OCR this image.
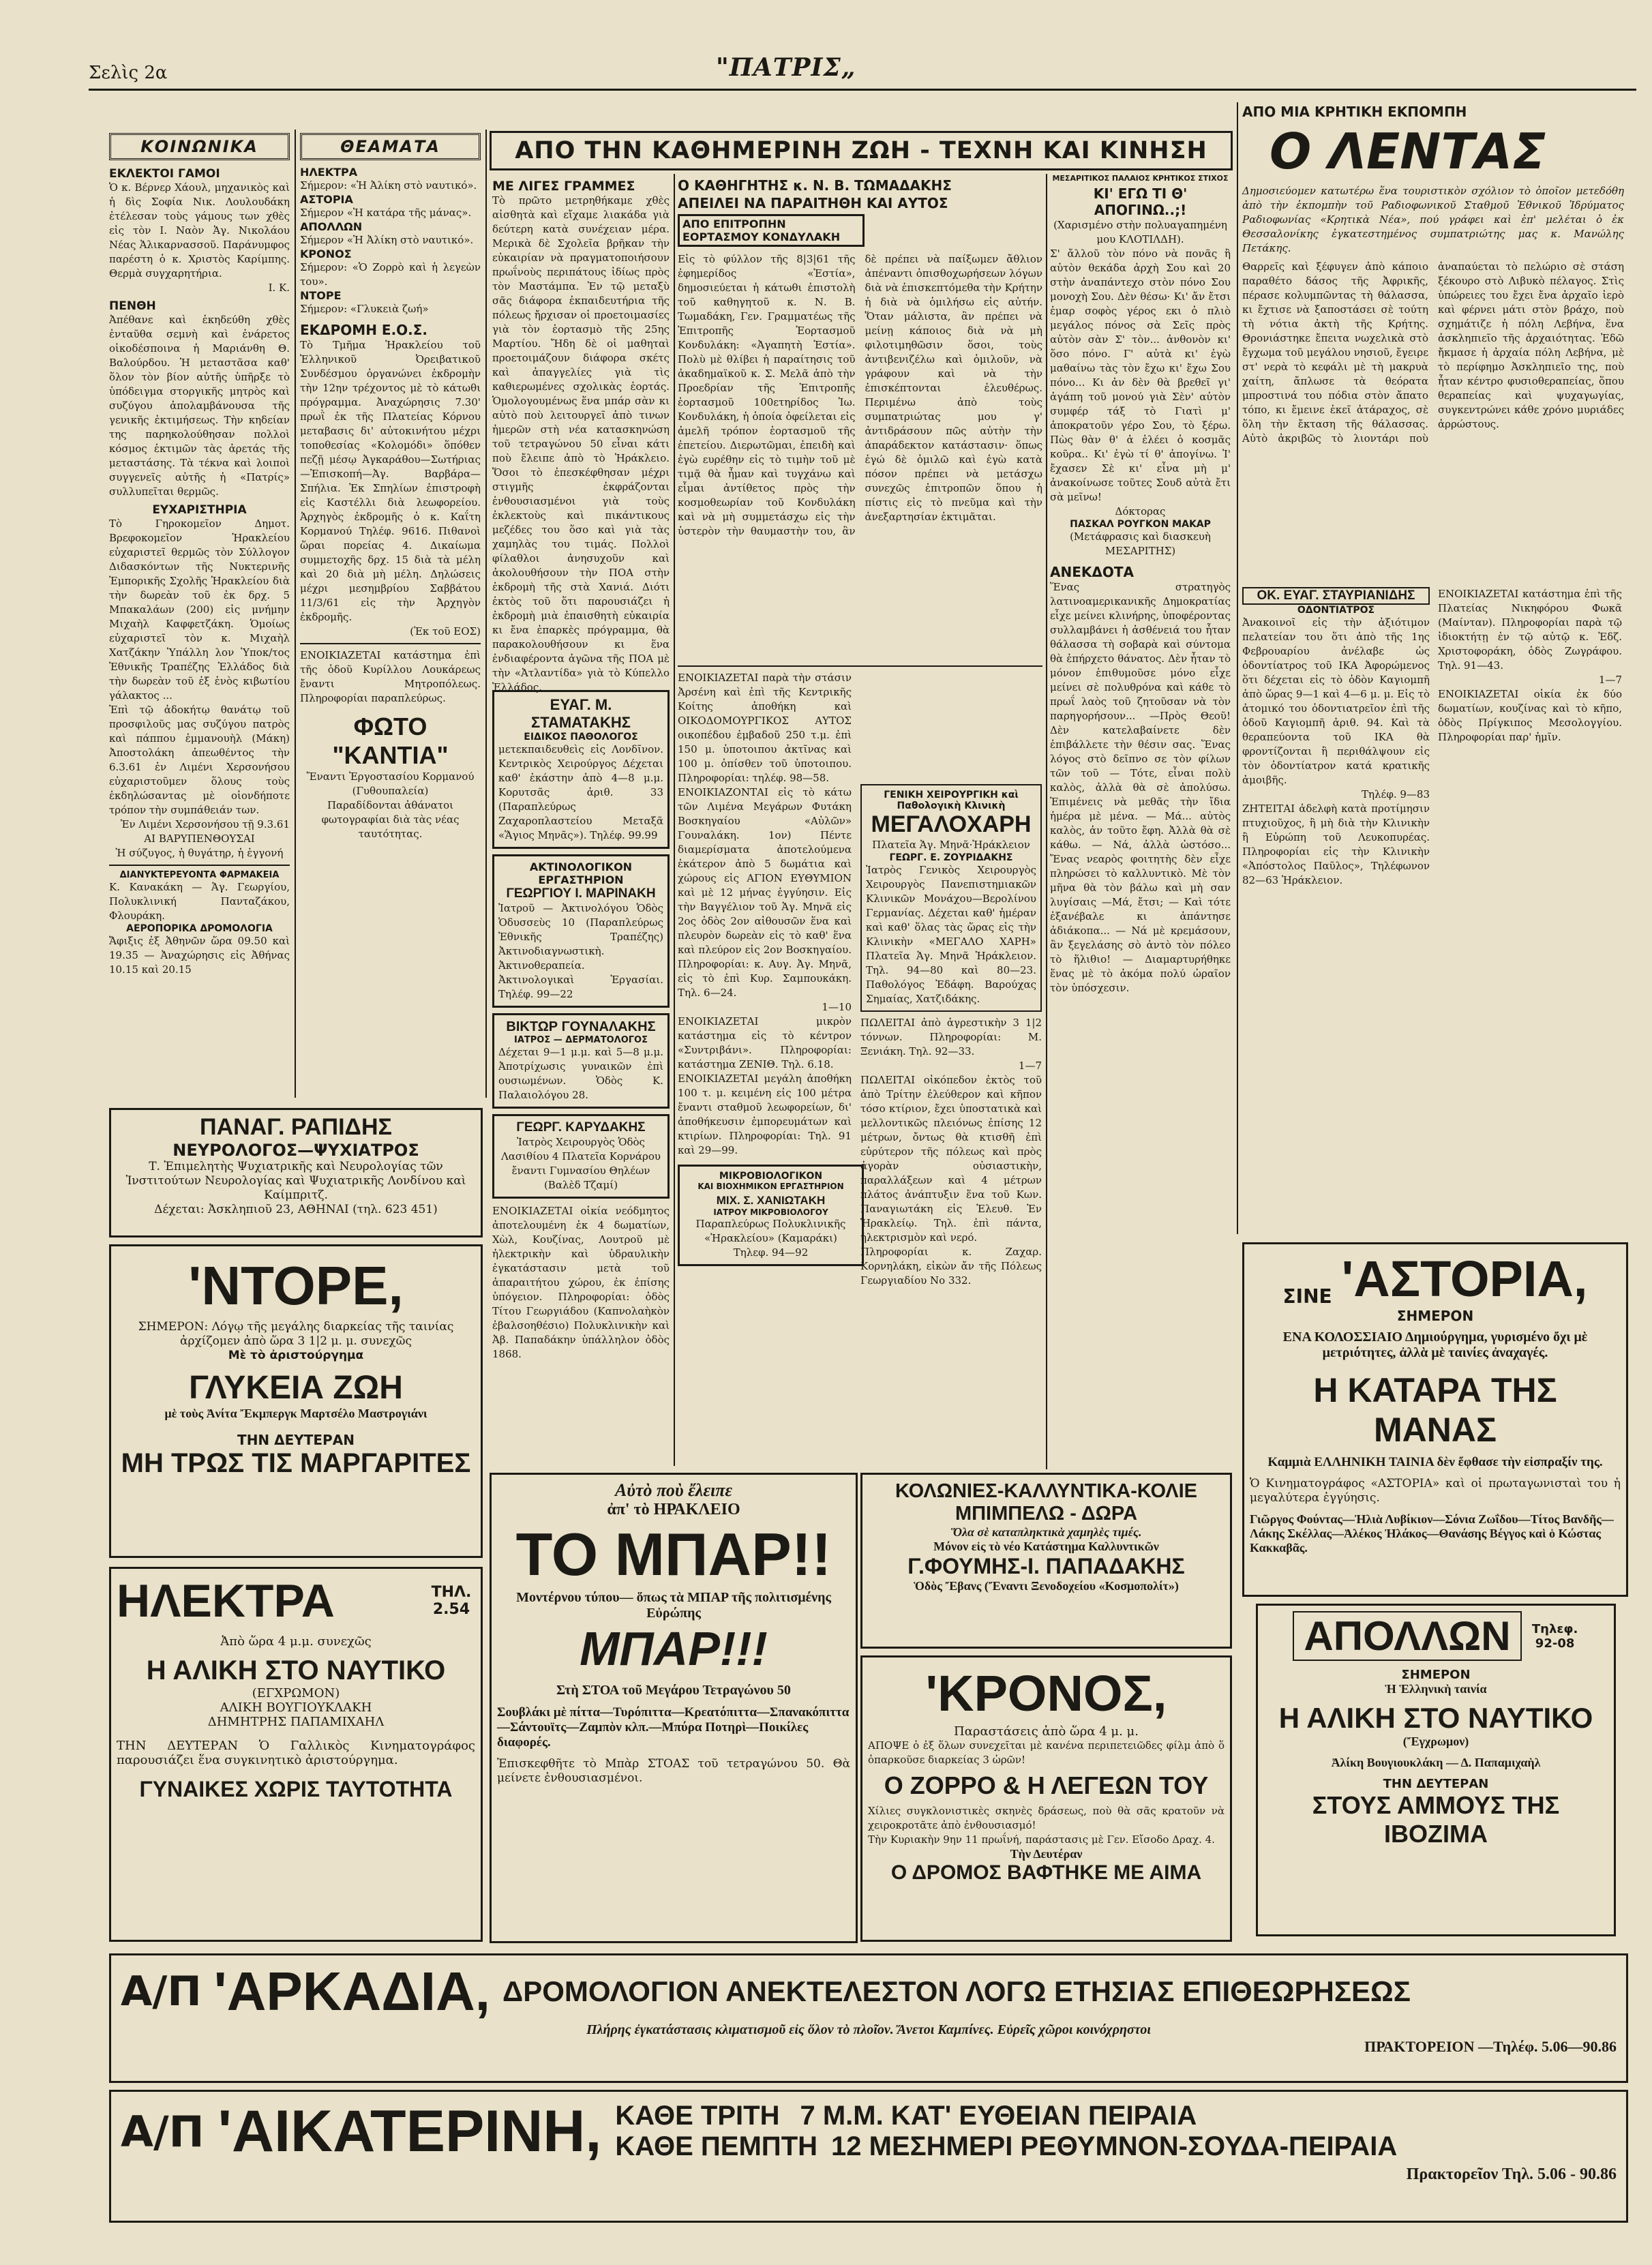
Σελὶς 2α	"ΠΑΤΡΙΣ„
ΚΟΙΝΩΝΙΚΑ
ΕΚΛΕΚΤΟΙ ΓΑΜΟΙ
Ὁ κ. Βέρνερ Χάουλ, μηχανικὸς καὶ ἡ δὶς Σοφία Νικ. Λουλουδάκη ἐτέλεσαν τοὺς γάμους των χθὲς εἰς τὸν Ι. Ναὸν Ἁγ. Νικολάου Νέας Ἁλικαρνασσοῦ. Παράνυμφος παρέστη ὁ κ. Χριστὸς Καρίμπης. Θερμὰ συγχαρητήρια.
Ι. Κ.
ΠΕΝΘΗ
Ἀπέθανε καὶ ἐκηδεύθη χθὲς ἐνταῦθα σεμνὴ καὶ ἐνάρετος οἰκοδέσποινα ἡ Μαριάνθη Θ. Βαλούρδου. Ἡ μεταστᾶσα καθ' ὅλον τὸν βίον αὐτῆς ὑπῆρξε τὸ ὑπόδειγμα στοργικῆς μητρὸς καὶ συζύγου ἀπολαμβάνουσα τῆς γενικῆς ἐκτιμήσεως. Τὴν κηδείαν της παρηκολούθησαν πολλοὶ κόσμος ἐκτιμῶν τὰς ἀρετάς τῆς μεταστάσης. Τὰ τέκνα καὶ λοιποὶ συγγενεῖς αὐτῆς ἡ «Πατρίς» συλλυπεῖται θερμῶς.
ΕΥΧΑΡΙΣΤΗΡΙΑ
Τὸ Γηροκομεῖον Δημοτ. Βρεφοκομεῖον Ἡρακλείου εὐχαριστεῖ θερμῶς τὸν Σύλλογον Διδασκόντων τῆς Νυκτερινῆς Ἐμπορικῆς Σχολῆς Ἡρακλείου διὰ τὴν δωρεὰν τοῦ ἐκ δρχ. 5 Μπακαλάων (200) εἰς μνήμην Μιχαὴλ Καφφετζάκη. Ὁμοίως εὐχαριστεῖ τὸν κ. Μιχαὴλ Χατζάκην Ὑπάλλη λον Ὑποκ/τος Ἐθνικῆς Τραπέζης Ἑλλάδος διὰ τὴν δωρεὰν τοῦ ἐξ ἑνὸς κιβωτίου γάλακτος ...
Ἐπὶ τῷ ἀδοκήτῳ θανάτῳ τοῦ προσφιλοῦς μας συζύγου πατρὸς καὶ πάππου ἐμμανουὴλ (Μάκη) Ἀποστολάκη ἀπεωθέντος τὴν 6.3.61 ἐν Λιμένι Χερσονήσου εὐχαριστοῦμεν ὅλους τοὺς ἐκδηλώσαντας μὲ οἱονδήποτε τρόπον τὴν συμπάθειάν των.
Ἐν Λιμένι Χερσονήσου τῇ 9.3.61
ΑΙ ΒΑΡΥΠΕΝΘΟΥΣΑΙ
Ἡ σύζυγος, ἡ θυγάτηρ, ἡ ἐγγονή
ΔΙΑΝΥΚΤΕΡΕΥΟΝΤΑ ΦΑΡΜΑΚΕΙΑ
Κ. Κανακάκη — Ἁγ. Γεωργίου, Πολυκλινική Πανταζάκου, Φλουράκη.
ΑΕΡΟΠΟΡΙΚΑ ΔΡΟΜΟΛΟΓΙΑ
Ἄφιξις ἐξ Ἀθηνῶν ὥρα 09.50 καὶ 19.35 — Ἀναχώρησις εἰς Ἀθήνας 10.15 καὶ 20.15
ΘΕΑΜΑΤΑ
ΗΛΕΚΤΡΑ
Σήμερον: «Ἡ Ἀλίκη στὸ ναυτικό».
ΑΣΤΟΡΙΑ
Σήμερον «Ἡ κατάρα τῆς μάνας».
ΑΠΟΛΛΩΝ
Σήμερον «Ἡ Ἀλίκη στὸ ναυτικό».
ΚΡΟΝΟΣ
Σήμερον: «Ὁ Ζορρὸ καὶ ἡ λεγεὼν του».
ΝΤΟΡΕ
Σήμερον: «Γλυκειὰ ζωή»
ΕΚΔΡΟΜΗ Ε.Ο.Σ.
Τὸ Τμῆμα Ἡρακλείου τοῦ Ἑλληνικοῦ Ὀρειβατικοῦ Συνδέσμου ὀργανώνει ἐκδρομὴν τὴν 12ην τρέχοντος μὲ τὸ κάτωθι πρόγραμμα. Ἀναχώρησις 7.30' πρωῒ ἐκ τῆς Πλατείας Κόρνου μεταβασις δι' αὐτοκινήτου μέχρι τοποθεσίας «Κολομόδι» ὅπόθεν πεζῇ μέσῳ Ἀγκαράθου—Σωτήριας—Ἐπισκοπή—Ἀγ. Βαρβάρα—Σπήλια. Ἐκ Σπηλίων ἐπιστροφὴ εἰς Καστέλλι διὰ λεωφορείου. Ἀρχηγὸς ἐκδρομῆς ὁ κ. Καΐτη Κορμανού Τηλέφ. 9616. Πιθανοὶ ὥραι πορείας 4. Δικαίωμα συμμετοχῆς δρχ. 15 διὰ τὰ μέλη καὶ 20 διὰ μὴ μέλη. Δηλώσεις μέχρι μεσημβρίου Σαββάτου 11/3/61 εἰς τὴν Ἀρχηγὸν ἐκδρομῆς.
(Ἐκ τοῦ ΕΟΣ)
ΕΝΟΙΚΙΑΖΕΤΑΙ κατάστημα ἐπὶ τῆς ὁδοῦ Κυρίλλου Λουκάρεως ἔναντι Μητροπόλεως. Πληροφορίαι παραπλεύρως.
ΦΩΤΟ "ΚΑΝΤΙΑ"
Ἔναντι Ἐργοστασίου Κορμανού (Γυθουπαλεία)
Παραδίδονται ἀθάνατοι φωτογραφίαι διὰ τὰς νέας ταυτότητας.
ΑΠΟ ΤΗΝ ΚΑΘΗΜΕΡΙΝΗ ΖΩΗ - ΤΕΧΝΗ ΚΑΙ ΚΙΝΗΣΗ
ΜΕ ΛΙΓΕΣ ΓΡΑΜΜΕΣ
Τὸ πρῶτο μετρηθήκαμε χθὲς αἰσθητὰ καὶ εἴχαμε λιακάδα γιὰ δεύτερη κατὰ συνέχειαν μέρα. Μερικὰ δὲ Σχολεῖα βρῆκαν τὴν εὐκαιρίαν νὰ πραγματοποιήσουν πρωΐνοὺς περιπάτους ἰδίως πρὸς τὸν Μαστάμπα. Ἐν τῷ μεταξὺ σᾶς διάφορα ἐκπαιδευτήρια τῆς πόλεως ἤρχισαν οἱ προετοιμασίες γιὰ τὸν ἑορτασμὸ τῆς 25ης Μαρτίου. Ἤδη δὲ οἱ μαθηταὶ προετοιμάζουν διάφορα σκέτς καὶ ἀπαγγελίες γιὰ τὶς καθιερωμένες σχολικὰς ἑορτάς. Ὁμολογουμένως ἕνα μπάρ σὰν κι αὐτὸ ποὺ λειτουργεῖ ἀπὸ τινων ἡμερῶν στὴ νέα κατασκηνώση τοῦ τετραγώνου 50 εἶναι κάτι ποὺ ἔλειπε ἀπὸ τὸ Ἡράκλειο. Ὅσοι τὸ ἐπεσκέφθησαν μέχρι στιγμῆς ἐκφράζονται ἐνθουσιασμένοι γιὰ τοὺς ἐκλεκτοὺς καὶ πικάντικους μεζέδες του ὅσο καὶ γιὰ τὰς χαμηλὰς του τιμάς. Πολλοὶ φίλαθλοι ἀνησυχοῦν καὶ ἀκολουθήσουν τὴν ΠΟΑ στὴν ἐκδρομὴ τῆς στὰ Χανιά. Διότι ἐκτὸς τοῦ ὅτι παρουσιάζει ἡ ἐκδρομὴ μιὰ ἐπαισθητὴ εὐκαιρία κι ἔνα ἐπαρκὲς πρόγραμμα, θὰ παρακολουθήσουν κι ἕνα ἐνδιαφέροντα ἀγῶνα τῆς ΠΟΑ μὲ τὴν «Ἀτλαντίδα» γιὰ τὸ Κύπελλο Ἑλλάδος.
ΕΥΑΓ. Μ. ΣΤΑΜΑΤΑΚΗΣ
ΕΙΔΙΚΟΣ ΠΑΘΟΛΟΓΟΣ
μετεκπαιδευθεὶς εἰς Λονδῖνον. Κεντρικὸς Χειρούργος Δέχεται καθ' ἑκάστην ἀπὸ 4—8 μ.μ. Κορυτσᾶς ἀριθ. 33 (Παραπλεύρως Ζαχαροπλαστείου Μεταξᾶ «Ἅγιος Μηνᾶς»). Τηλέφ. 99.99
ΑΚΤΙΝΟΛΟΓΙΚΟΝ ΕΡΓΑΣΤΗΡΙΟΝ
ΓΕΩΡΓΙΟΥ Ι. ΜΑΡΙΝΑΚΗ
Ἰατροῦ — Ἀκτινολόγου Ὁδὸς Ὁδυσσεὺς 10 (Παραπλεύρως Ἐθνικῆς Τραπέζης) Ἀκτινοδιαγνωστικὴ. Ἀκτινοθεραπεία. Ἀκτινολογικαὶ Ἐργασίαι. Τηλέφ. 99—22
ΒΙΚΤΩΡ ΓΟΥΝΑΛΑΚΗΣ
ΙΑΤΡΟΣ — ΔΕΡΜΑΤΟΛΟΓΟΣ
Δέχεται 9—1 μ.μ. καὶ 5—8 μ.μ. Ἀποτρίχωσις γυναικῶν ἐπὶ ουσιωμένων. Ὁδὸς Κ. Παλαιολόγου 28.
ΓΕΩΡΓ. ΚΑΡΥΔΑΚΗΣ
Ἰατρὸς Χειρουργὸς Ὁδὸς Λασιθίου 4 Πλατεῖα Κορνάρου ἔναντι Γυμνασίου Θηλέων (Βαλὲδ Τζαμί)
ΕΝΟΙΚΙΑΖΕΤΑΙ οἰκία νεόδμητος ἀποτελουμένη ἐκ 4 δωματίων, Χὼλ, Κουζίνας, Λουτροῦ μὲ ἠλεκτρικὴν καὶ ὑδραυλικὴν ἐγκατάστασιν μετὰ τοῦ ἀπαραιτήτου χώρου, ἐκ ἐπίσης ὑπόγειον. Πληροφορίαι: ὁδὸς Τίτου Γεωργιάδου (Καπνολαὴκὸν ἐβαλσοηθέσιο) Πολυκλινικὴν καὶ Ἀβ. Παπαδάκην ὑπάλληλον ὁδὸς 1868.
Ο ΚΑΘΗΓΗΤΗΣ κ. Ν. Β. ΤΩΜΑΔΑΚΗΣ
ΑΠΕΙΛΕΙ ΝΑ ΠΑΡΑΙΤΗΘΗ ΚΑΙ ΑΥΤΟΣ
ΑΠΟ ΕΠΙΤΡΟΠΗΝ ΕΟΡΤΑΣΜΟΥ ΚΟΝΔΥΛΑΚΗ
Εἰς τὸ φύλλον τῆς 8|3|61 τῆς ἐφημερίδος «Ἑστία», δημοσιεύεται ἡ κάτωθι ἐπιστολὴ τοῦ καθηγητοῦ κ. Ν. Β. Τωμαδάκη, Γεν. Γραμματέως τῆς Ἐπιτροπῆς Ἑορτασμοῦ Κονδυλάκη: «Ἀγαπητὴ Ἑστία». Πολὺ μὲ θλίβει ἡ παραίτησις τοῦ ἀκαδημαϊκοῦ κ. Σ. Μελᾶ ἀπὸ τὴν Προεδρίαν τῆς Ἐπιτροπῆς ἑορτασμοῦ 100ετηρίδος Ἰω. Κονδυλάκη, ἡ ὁποία ὀφείλεται εἰς ἀμελῆ τρόπον ἑορτασμοῦ τῆς ἐπετείου. Διερωτῶμαι, ἐπειδὴ καὶ ἐγὼ ευρέθην εἰς τὸ τιμὴν τοῦ μὲ τιμᾷ θὰ ἦμαν καὶ τυγχάνω καὶ εἶμαι ἀντίθετος πρὸς τὴν κοσμοθεωρίαν τοῦ Κονδυλάκη καὶ νὰ μὴ συμμετάσχω εἰς τὴν ὑστερὸν τὴν θαυμαστὴν του, ἂν δὲ πρέπει νὰ παίξωμεν ἄθλιον ἀπέναντι ὀπισθοχωρήσεων λόγων διὰ νὰ ἐπισκεπτόμεθα τὴν Κρήτην ἡ διὰ νὰ ὁμιλήσω εἰς αὐτήν. Ὅταν μάλιστα, ἂν πρέπει νὰ μείνῃ κάποιος διὰ νὰ μὴ φιλοτιμηθῶσιν ὅσοι, τοὺς ἀντιβενιζέλω καὶ ὁμιλοῦν, νὰ γράφουν καὶ νὰ τὴν ἐπισκέπτονται ἐλευθέρως. Περιμένω ἀπὸ τοὺς συμπατριώτας μου γ' ἀντιδράσουν πῶς αὐτὴν τὴν ἀπαράδεκτον κατάστασιν· ὅπως ἐγώ δὲ ὁμιλῶ καὶ ἐγὼ κατὰ πόσον πρέπει νὰ μετάσχω συνεχῶς ἐπιτροπῶν ὅπου ἡ πίστις εἰς τὸ πνεῦμα καὶ τὴν ἀνεξαρτησίαν ἐκτιμᾶται.
ΕΝΟΙΚΙΑΖΕΤΑΙ παρὰ τὴν στάσιν Ἀρσένη καὶ ἐπὶ τῆς Κεντρικῆς Κοίτης ἀποθήκη καὶ ΟΙΚΟΔΟΜΟΥΡΓΙΚΟΣ ΑΥΤΟΣ οικοπέδου ἐμβαδοῦ 250 τ.μ. ἐπὶ 150 μ. ὑποτοιπου ἀκτῖνας καὶ 100 μ. ὀπίσθεν τοῦ ὑποτοιπου. Πληροφορίαι: τηλέφ. 98—58.
ΕΝΟΙΚΙΑΖΟΝΤΑΙ εἰς τὸ κάτω τῶν Λιμένα Μεγάρων Φυτάκη Βοσκηγαίου «Αὐλῶν» Γουναλάκη. 1ον) Πέντε διαμερίσματα ἀποτελούμενα ἑκάτερον ἀπὸ 5 δωμάτια καὶ χώρους εἰς ΑΓΙΟΝ ΕΥΘΥΜΙΟΝ καὶ μὲ 12 μήνας ἐγγύησιν. Εἰς τὴν Βαγγέλιον τοῦ Ἁγ. Μηνᾶ εἰς 2ος ὁδὸς 2ον αἰθουσῶν ἕνα καὶ πλευρὸν δωρεὰν εἰς τὸ καθ' ἕνα καὶ πλεύρον εἰς 2ον Βοσκηγαίου. Πληροφορίαι: κ. Αυγ. Ἀγ. Μηνᾶ, εἰς τὸ ἐπὶ Κυρ. Σαμπουκάκη. Τηλ. 6—24.
1—10
ΕΝΟΙΚΙΑΖΕΤΑΙ μικρὸν κατάστημα εἰς τὸ κέντρον «Συντριβάνι». Πληροφορίαι: κατάστημα ΖΕΝΙΘ. Τηλ. 6.18.
ΕΝΟΙΚΙΑΖΕΤΑΙ μεγάλη ἀποθήκη 100 τ. μ. κειμένη εἰς 100 μέτρα ἔναντι σταθμοῦ λεωφορείων, δι' ἀποθήκευσιν ἐμπορευμάτων καὶ κτιρίων. Πληροφορίαι: Τηλ. 91 καὶ 29—99.
ΜΙΚΡΟΒΙΟΛΟΓΙΚΟΝ
ΚΑΙ ΒΙΟΧΗΜΙΚΟΝ ΕΡΓΑΣΤΗΡΙΟΝ
ΜΙΧ. Σ. ΧΑΝΙΩΤΑΚΗ
ΙΑΤΡΟΥ ΜΙΚΡΟΒΙΟΛΟΓΟΥ
Παραπλεύρως Πολυκλινικῆς «Ἡρακλείου» (Καμαράκι)
Τηλεφ. 94—92
ΜΕΣΑΡΙΤΙΚΟΣ ΠΑΛΑΙΟΣ ΚΡΗΤΙΚΟΣ ΣΤΙΧΟΣ
ΚΙ' ΕΓΩ ΤΙ Θ' ΑΠΟΓΙΝΩ..;!
(Χαρισμένο στὴν πολυαγαπημένη μου ΚΛΟΤΙΛΔΗ).
Σ' ἄλλοῦ τὸν πόνο νὰ πονᾶς ἢ αὐτὸν θεκάδα ἀρχὴ Σου καὶ 20 στὴν ἀναπάντεχο στὸν πόνο Σου μονοχὴ Σου. Δὲν θέσω· Κι' ἄν ἔτσι ἐμαρ σοφὸς γέρος εκι ὁ πλιὸ μεγάλος πόνος σὰ Σεῖς πρὸς αὐτὸν σὰν Σ' τὸν... ἀνθονὸν κι' ὅσο πόνο. Γ' αὐτὰ κι' ἐγὼ μαθαίνω τὰς τὸν ἔχω κι' ἔχω Σου πόνο... Κι ἀν δὲν θὰ βρεθεῖ γι' ἀγάπη τοῦ μονού γιὰ Σὲν' αὐτὸν συμφέρ τάξ τὸ Γιατὶ μ' ἀποκρατοῦν γέρο Σου, τὸ ξέρω. Πὼς θὰν θ' ἀ ἐλέει ὁ κοσμᾶς κοῦρα.. Κι' ἐγὼ τί θ' ἀπογίνω. Ἰ' ἔχασεν Σὲ κι' εἶνα μὴ μ' ἀνακοίνωσε τοῦτες Σουδ αὐτὰ ἔτι σὰ μεῖνω!
Δόκτορας
ΠΑΣΚΑΛ ΡΟΥΓΚΟΝ ΜΑΚΑΡ
(Μετάφρασις καὶ διασκευὴ ΜΕΣΑΡΙΤΗΣ)
ΑΝΕΚΔΟΤΑ
Ἕνας στρατηγὸς λατινοαμερικανικῆς Δημοκρατίας εἶχε μείνει κλινήρης, ὑποφέροντας συλλαμβάνει ἡ ἀσθένειά του ἦταν θάλασσα τὴ σοβαρὰ καὶ σύντομα θὰ ἐπήρχετο θάνατος. Δὲν ἦταν τὸ μόνον ἑπιθυμοῦσε μόνο εἶχε μείνει σὲ πολυθρόνα καὶ κάθε τὸ πρωΐ λαὸς τοῦ ζητοῦσαν νὰ τὸν παρηγορήσουν... —Πρὸς Θεοῦ! Δὲν κατελαβαίνετε δὲν ἐπιβάλλετε τὴν θέσιν σας. Ἕνας λόγος στὸ δεῖπνο σε τὸν φίλων τῶν τοῦ — Τότε, εἶναι πολὺ καλὸς, ἀλλὰ θὰ σὲ ἀπολύσω. Ἐπιμένεις νὰ μεθᾶς τὴν ἴδια ἡμέρα μὲ μένα. — Μά... αὐτὸς καλὸς, ἀν τοῦτο ἔφη. Ἀλλὰ θὰ σὲ κάθω. — Νά, ἀλλὰ ὡστόσο... Ἔνας νεαρὸς φοιτητὴς δὲν εἶχε πληρώσει τὸ καλλυντικὸ. Μὲ τὸν μῆνα θὰ τὸν βάλω καὶ μὴ σαν λυγίσαις —Μά, ἔτσι; — Καὶ τότε ἐξανέβαλε κι ἀπάντησε ἀδιάκοπα... — Νά μὲ κρεμάσουν, ἂν ξεγελάσης σὸ ἀντὸ τὸν πόλεο τὸ ἥλιθιο! — Διαμαρτυρήθηκε ἕνας μὲ τὸ ἀκόμα πολύ ὡραῖον τὸν ὑπόσχεσιν.
ΓΕΝΙΚΗ ΧΕΙΡΟΥΡΓΙΚΗ καὶ Παθολογικὴ Κλινικὴ
ΜΕΓΑΛΟΧΑΡΗ
Πλατεῖα Ἁγ. Μηνᾶ·Ἡράκλειον
ΓΕΩΡΓ. Ε. ΖΟΥΡΙΔΑΚΗΣ
Ἰατρὸς Γενικὸς Χειρουργὸς Χειρουργὸς Πανεπιστημιακῶν Κλινικῶν Μονάχου—Βερολίνου Γερμανίας. Δέχεται καθ' ἡμέραν καὶ καθ' ὅλας τὰς ὥρας εἰς τὴν Κλινικὴν «ΜΕΓΑΛΟ ΧΑΡΗ» Πλατεῖα Ἁγ. Μηνᾶ Ἡράκλειον. Τηλ. 94—80 καὶ 80—23. Παθολόγος Ἐδάφη. Βαρούχας Σημαίας, Χατζιδάκης.
ΠΩΛΕΙΤΑΙ ἀπὸ ἀγρεστικὴν 3 1|2 τόννων. Πληροφορίαι: Μ. Ξενιάκη. Τηλ. 92—33.
1—7
ΠΩΛΕΙΤΑΙ οἰκόπεδον ἐκτὸς τοῦ ἀπὸ Τρίτην ἐλεύθερον καὶ κῆπον τόσο κτίριον, ἔχει ὑποστατικὰ καὶ μελλοντικῶς πλειόνως ἐπίσης 12 μέτρων, ὄντως θὰ κτισθῆ ἐπὶ εὐρύτερον τῆς πόλεως καὶ πρὸς ἀγορὰν οὐσιαστικὴν, παραλλάξεων καὶ 4 μέτρων πλάτος ἀνάπτυξιν ἕνα τοῦ Κων. Παναγιωτάκη εἰς Ἐλευθ. Ἐν Ἡρακλείῳ. Τηλ. ἐπὶ πάντα, ἡλεκτρισμὸν καὶ νερό.
Πληροφορίαι κ. Ζαχαρ. Κορνηλάκη, εἰκὼν ἄν τῆς Πόλεως Γεωργιαδίου Νο 332.
ΑΠΟ ΜΙΑ ΚΡΗΤΙΚΗ ΕΚΠΟΜΠΗ
Ο ΛΕΝΤΑΣ
Δημοσιεύομεν κατωτέρω ἕνα τουριστικὸν σχόλιον τὸ ὁποῖον μετεδόθη ἀπὸ τὴν ἐκπομπὴν τοῦ Ραδιοφωνικοῦ Σταθμοῦ Ἐθνικοῦ Ἱδρύματος Ραδιοφωνίας «Κρητικὰ Νέα», πού γράφει καὶ ἐπ' μελέται ὁ ἐκ Θεσσαλονίκης ἐγκατεστημένος συμπατριώτης μας κ. Μανώλης Πετάκης.
Θαρρεῖς καὶ ξέφυγεν ἀπὸ κάποιο παραθέτο δάσος τῆς Ἀφρικῆς, πέρασε κολυμπῶντας τὴ θάλασσα, κι ἔχτισε νὰ ξαποστάσει σὲ τούτη τὴ νότια ἀκτὴ τῆς Κρήτης. Θρονιάστηκε ἔπειτα νωχελικὰ στὸ ἔγχωμα τοῦ μεγάλου νησιοῦ, ἔγειρε στ' νερὰ τὸ κεφάλι μὲ τὴ μακρυὰ χαίτη, ἄπλωσε τὰ θεόρατα μπροστινά του πόδια στὸν ἄπατο τόπο, κι ἔμεινε ἐκεῖ ἀτάραχος, σὲ ὅλη τὴν ἔκταση τῆς θάλασσας. Αὐτὸ ἀκριβῶς τὸ λιοντάρι ποὺ ἀναπαύεται τὸ πελώριο σὲ στάση ξέκουρο στὸ Λιβυκὸ πέλαγος. Στὶς ὑπώρειες του ἔχει ἔνα ἀρχαῖο ἱερὸ καὶ φέρνει μάτι στὸν βράχο, ποὺ σχημάτιζε ἡ πόλη Λεβήνα, ἕνα ἀσκληπιεῖο τῆς ἀρχαιότητας. Ἐδῶ ἤκμασε ἡ ἀρχαία πόλη Λεβήνα, μὲ τὸ περίφημο Ἀσκληπιεῖο της, ποὺ ἦταν κέντρο φυσιοθεραπείας, ὅπου θεραπείας καὶ ψυχαγωγίας, συγκεντρώνει κάθε χρόνο μυριάδες ἀρρώστους.
ΟΚ. ΕΥΑΓ. ΣΤΑΥΡΙΑΝΙΔΗΣ
ΟΔΟΝΤΙΑΤΡΟΣ
Ἀνακοινοῖ εἰς τὴν ἀξιότιμον πελατείαν του ὅτι ἀπὸ τῆς 1ης Φεβρουαρίου ἀνέλαβε ὡς ὀδοντίατρος τοῦ ΙΚΑ Ἀφορώμενος ὅτι δέχεται εἰς τὸ ὁδὸν Καγιομπῆ ἀπὸ ὥρας 9—1 καὶ 4—6 μ. μ. Εἰς τὸ ἀτομικό του ὀδοντιατρεῖον ἐπὶ τῆς ὁδοῦ Καγιομπῆ ἀριθ. 94. Καὶ τὰ θεραπεύοντα τοῦ ΙΚΑ θὰ φροντίζονται ἢ περιθάλψουν εἰς τὸν ὀδοντίατρον κατά κρατικῆς ἀμοιβῆς.
Τηλέφ. 9—83
ΖΗΤΕΙΤΑΙ ἀδελφὴ κατὰ προτίμησιν πτυχιοῦχος, ἢ μὴ διὰ τὴν Κλινικὴν ἢ Εὐρώπη τοῦ Λευκοπυρέας. Πληροφορίαι εἰς τὴν Κλινικὴν «Ἀπόστολος Παῦλος», Τηλέφωνον 82—63 Ἡράκλειον.
ΕΝΟΙΚΙΑΖΕΤΑΙ κατάστημα ἐπὶ τῆς Πλατείας Νικηφόρου Φωκᾶ (Μαίνταν). Πληροφορίαι παρὰ τῷ ἰδιοκτήτῃ ἐν τῷ αὐτῷ κ. Ἐδζ. Χριστοφοράκη, ὁδὸς Ζωγράφου. Τηλ. 91—43.
1—7
ΕΝΟΙΚΙΑΖΕΤΑΙ οἰκία ἐκ δύο δωματίων, κουζίνας καὶ τὸ κῆπο, ὁδὸς Πρίγκιπος Μεσολογγίου. Πληροφορίαι παρ' ἡμῖν.
ΠΑΝΑΓ. ΡΑΠΙΔΗΣ
ΝΕΥΡΟΛΟΓΟΣ—ΨΥΧΙΑΤΡΟΣ
Τ. Ἐπιμελητὴς Ψυχιατρικῆς καὶ Νευρολογίας τῶν Ἰνστιτούτων Νευρολογίας καὶ Ψυχιατρικῆς Λονδίνου καὶ Καίμπριτζ.
Δέχεται: Ἀσκληπιοῦ 23, ΑΘΗΝΑΙ (τηλ. 623 451)
'ΝΤΟΡΕ,
ΣΗΜΕΡΟΝ: Λόγῳ τῆς μεγάλης διαρκείας τῆς ταινίας ἀρχίζομεν ἀπὸ ὥρα 3 1|2 μ. μ. συνεχῶς
Μὲ τὸ ἀριστούργημα
ΓΛΥΚΕΙΑ ΖΩΗ
μὲ τοὺς Ἀνίτα Ἔκμπεργκ Μαρτσέλο Μαστρογιάνι
ΤΗΝ ΔΕΥΤΕΡΑΝ
ΜΗ ΤΡΩΣ ΤΙΣ ΜΑΡΓΑΡΙΤΕΣ
ΗΛΕΚΤΡΑ	ΤΗΛ. 2.54
Ἀπὸ ὥρα 4 μ.μ. συνεχῶς
Η ΑΛΙΚΗ ΣΤΟ ΝΑΥΤΙΚΟ
(ΕΓΧΡΩΜΟΝ)
ΑΛΙΚΗ ΒΟΥΓΙΟΥΚΛΑΚΗ
ΔΗΜΗΤΡΗΣ ΠΑΠΑΜΙΧΑΗΛ
ΤΗΝ ΔΕΥΤΕΡΑΝ Ὁ Γαλλικὸς Κινηματογράφος παρουσιάζει ἕνα συγκινητικὸ ἀριστούργημα.
ΓΥΝΑΙΚΕΣ ΧΩΡΙΣ ΤΑΥΤΟΤΗΤΑ
Αὐτὸ ποὺ ἔλειπε
ἀπ' τὸ ΗΡΑΚΛΕΙΟ
ΤΟ ΜΠΑΡ!!
Μοντέρνου τύπου— ὅπως τὰ ΜΠΑΡ τῆς πολιτισμένης Εὐρώπης
ΜΠΑΡ!!!
Στὴ ΣΤΟΑ τοῦ Μεγάρου Τετραγώνου 50
Σουβλάκι μὲ πίττα—Τυρόπιττα—Κρεατόπιττα—Σπανακόπιττα—Σάντουϊτς—Ζαμπὸν κλπ.—Μπύρα Ποτηρὶ—Ποικίλες διαφορές.
Ἐπισκεφθῆτε τὸ Μπὰρ ΣΤΟΑΣ τοῦ τετραγώνου 50. Θὰ μείνετε ἐνθουσιασμένοι.
ΚΟΛΩΝΙΕΣ-ΚΑΛΛΥΝΤΙΚΑ-ΚΟΛΙΕ
ΜΠΙΜΠΕΛΩ - ΔΩΡΑ
Ὅλα σὲ καταπληκτικὰ χαμηλὲς τιμές.
Μόνον εἰς τὸ νέο Κατάστημα Καλλυντικῶν
Γ.ΦΟΥΜΗΣ-Ι. ΠΑΠΑΔΑΚΗΣ
Ὁδὸς Ἔβανς (Ἔναντι Ξενοδοχείου «Κοσμοπολίτ»)
'ΚΡΟΝΟΣ,
Παραστάσεις ἀπὸ ὥρα 4 μ. μ.
ΑΠΟΨΕ ὁ ἐξ ὅλων συνεχεῖται μὲ κανένα περιπετειῶδες φίλμ ἀπὸ ὅ ὁπαρκοῦσε διαρκείας 3 ὡρῶν!
Ο ΖΟΡΡΟ & Η ΛΕΓΕΩΝ ΤΟΥ
Χίλιες συγκλονιστικὲς σκηνὲς δράσεως, ποὺ θὰ σᾶς κρατοῦν νὰ χειροκροτᾶτε ἀπὸ ἐνθουσιασμό!
Τὴν Κυριακὴν 9ην 11 πρωΐνή, παράστασις μὲ Γεν. Εἴσοδο Δραχ. 4.
Τὴν Δευτέραν
Ο ΔΡΟΜΟΣ ΒΑΦΤΗΚΕ ΜΕ ΑΙΜΑ
ΣΙΝΕ 'ΑΣΤΟΡΙΑ,
ΣΗΜΕΡΟΝ
ΕΝΑ ΚΟΛΟΣΣΙΑΙΟ Δημιούργημα, γυρισμένο ὄχι μὲ μετριότητες, ἀλλὰ μὲ ταινίες ἀναχαγές.
Η ΚΑΤΑΡΑ ΤΗΣ ΜΑΝΑΣ
Καμμιὰ ΕΛΛΗΝΙΚΗ ΤΑΙΝΙΑ δὲν ἔφθασε τὴν εἰσπραξίν της.
Ὁ Κινηματογράφος «ΑΣΤΟΡΙΑ» καὶ οἱ πρωταγωνισταὶ του ἡ μεγαλύτερα ἐγγύησις.
Γιῶργος Φούντας—Ἠλιὰ Λυβίκιον—Σόνια Ζωΐδου—Τίτος Βανδῆς—Λάκης Σκέλλας—Ἀλέκος Ἠλάκος—Θανάσης Βέγγος καὶ ὁ Κώστας Κακκαβᾶς.
ΑΠΟΛΛΩΝ	Τηλεφ. 92-08
ΣΗΜΕΡΟΝ
Ἡ Ἑλληνικὴ ταινία
Η ΑΛΙΚΗ ΣΤΟ ΝΑΥΤΙΚΟ
(Ἔγχρωμον)
Ἀλίκη Βουγιουκλάκη — Δ. Παπαμιχαὴλ
ΤΗΝ ΔΕΥΤΕΡΑΝ
ΣΤΟΥΣ ΑΜΜΟΥΣ ΤΗΣ ΙΒΟΖΙΜΑ
Α/Π 'ΑΡΚΑΔΙΑ, ΔΡΟΜΟΛΟΓΙΟΝ ΑΝΕΚΤΕΛΕΣΤΟΝ ΛΟΓΩ ΕΤΗΣΙΑΣ ΕΠΙΘΕΩΡΗΣΕΩΣ
Πλήρης ἐγκατάστασις κλιματισμοῦ εἰς ὅλον τὸ πλοῖον. Ἄνετοι Καμπίνες. Εὐρεῖς χῶροι κοινόχρηστοι
ΠΡΑΚΤΟΡΕΙΟΝ —Τηλέφ. 5.06—90.86
Α/Π 'ΑΙΚΑΤΕΡΙΝΗ, ΚΑΘΕ ΤΡΙΤΗ 7 Μ.Μ. ΚΑΤ' ΕΥΘΕΙΑΝ ΠΕΙΡΑΙΑ
ΚΑΘΕ ΠΕΜΠΤΗ 12 ΜΕΣΗΜΕΡΙ ΡΕΘΥΜΝΟΝ-ΣΟΥΔΑ-ΠΕΙΡΑΙΑ
Πρακτορεῖον Τηλ. 5.06 - 90.86
